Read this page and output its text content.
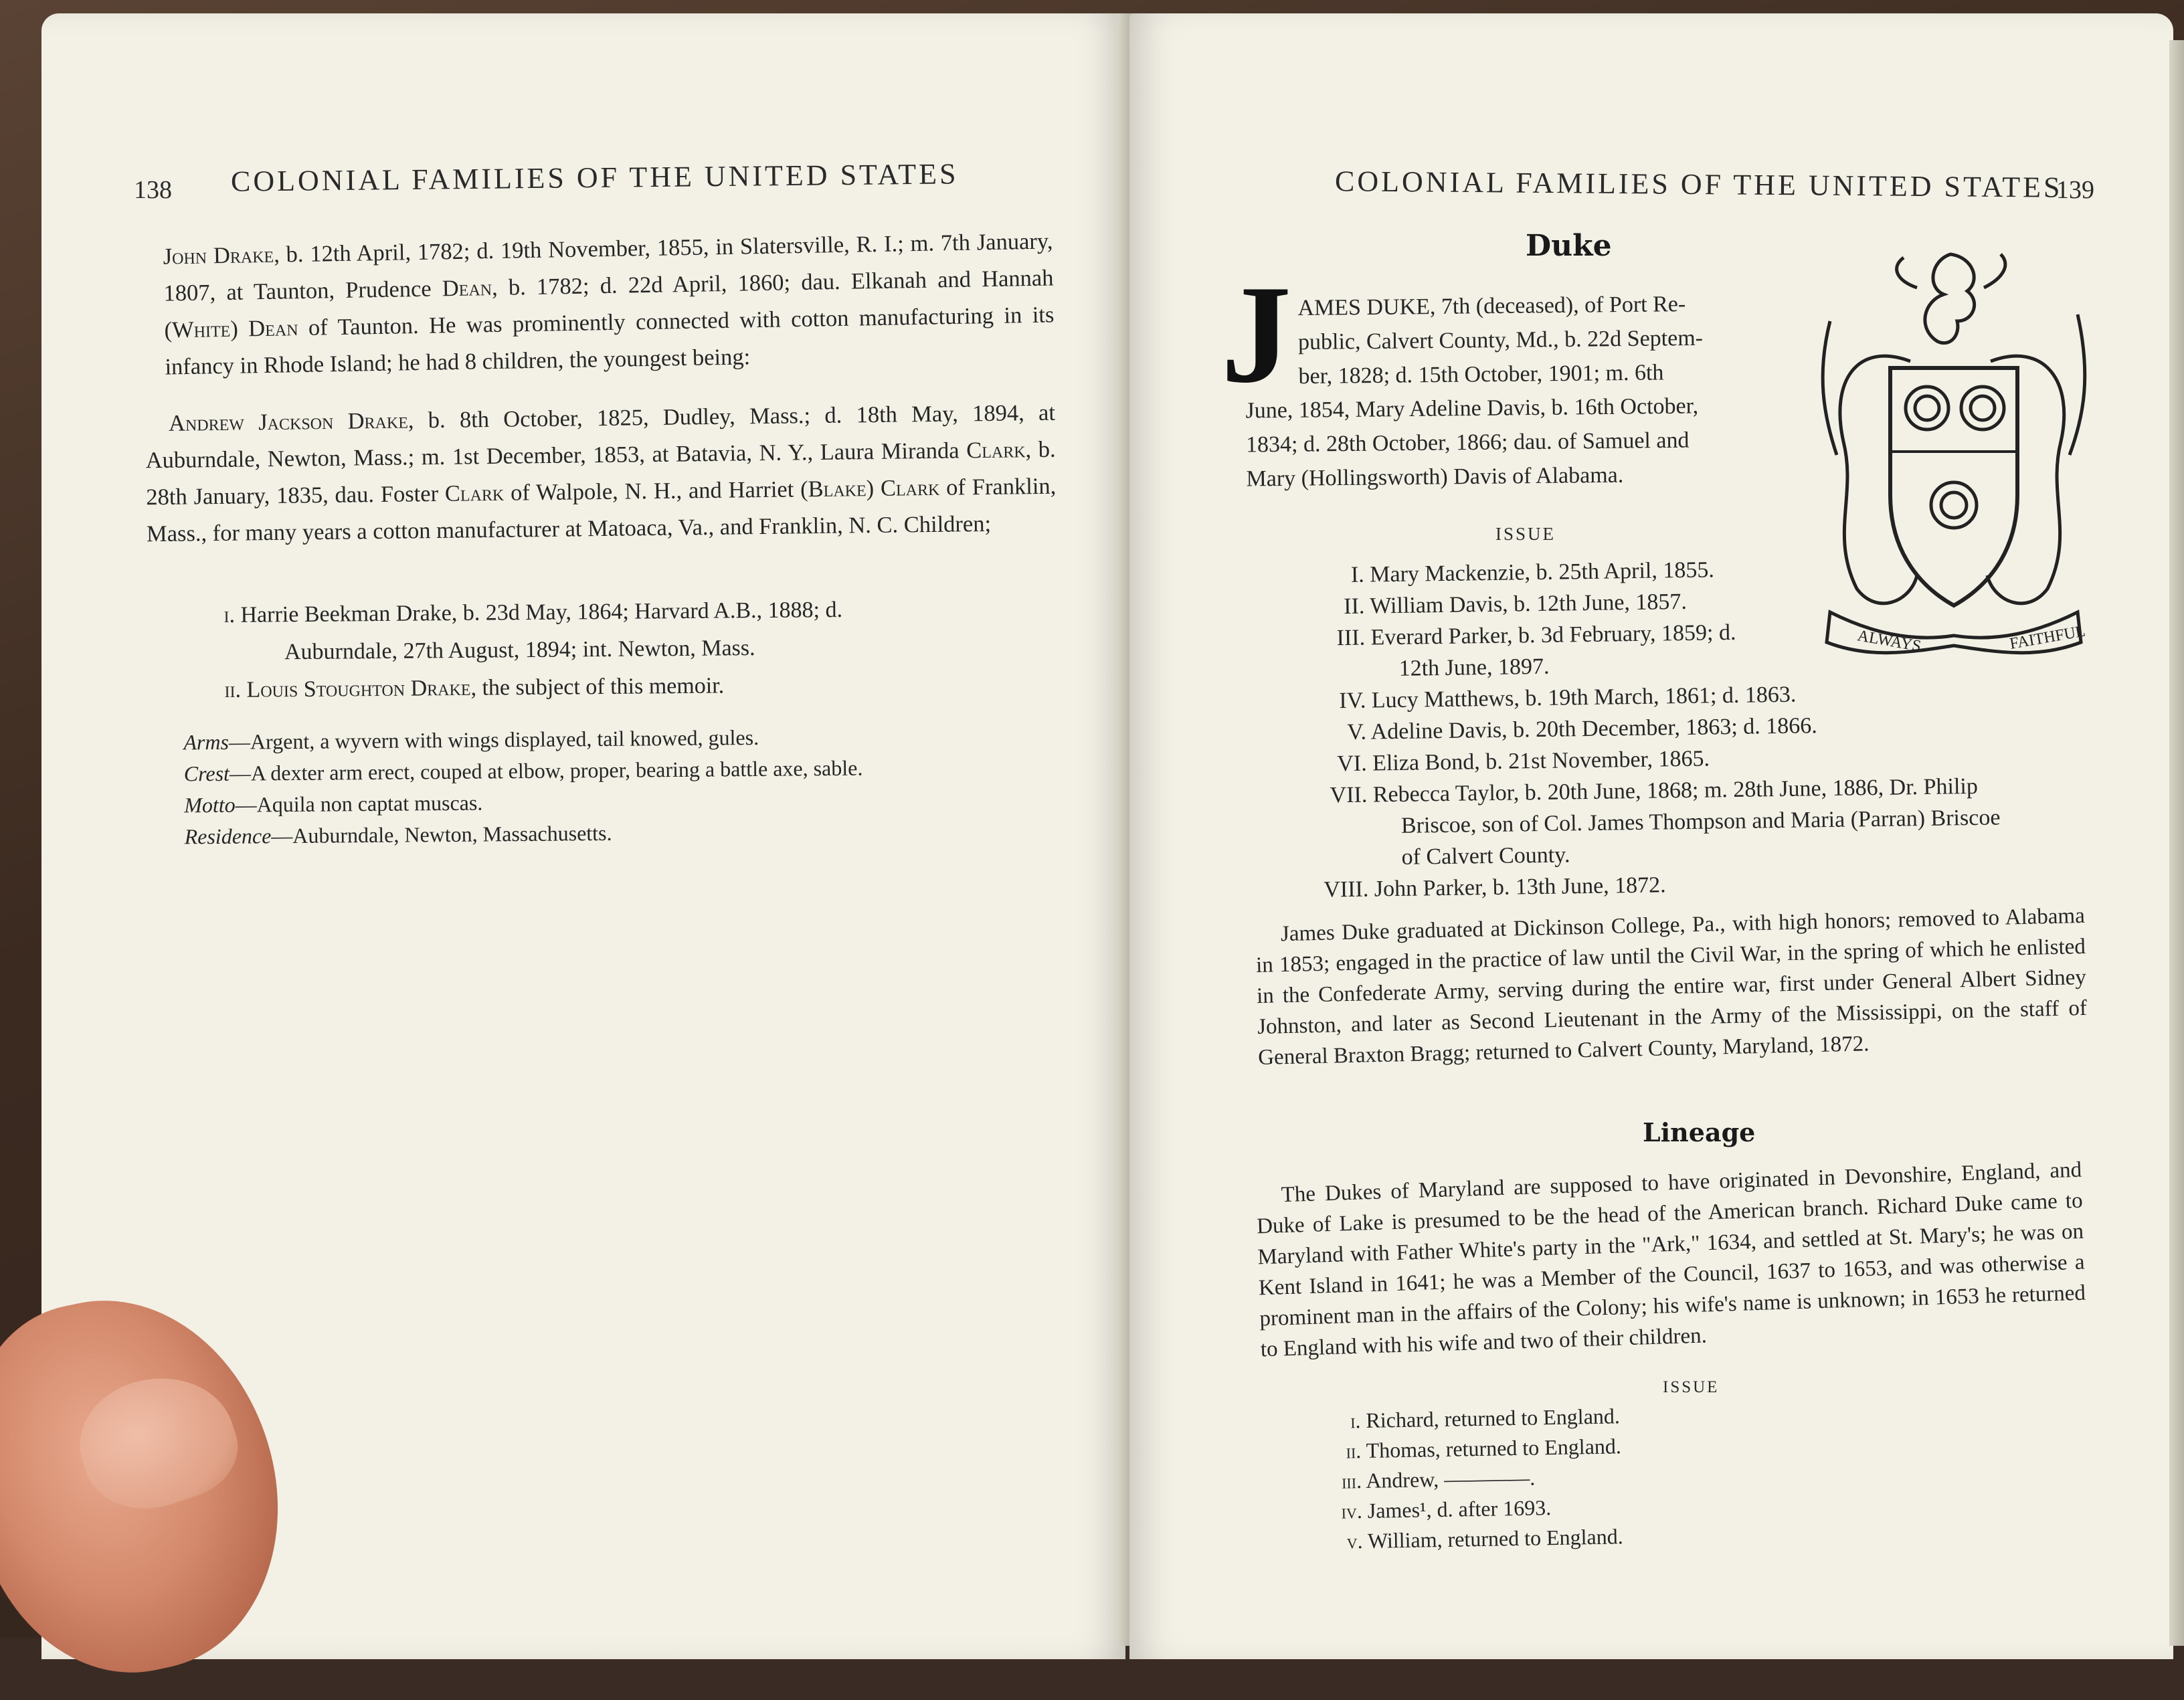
138 COLONIAL FAMILIES OF THE UNITED STATES
John Drake, b. 12th April, 1782; d. 19th November, 1855, in Slatersville, R. I.; m. 7th January, 1807, at Taunton, Prudence Dean, b. 1782; d. 22d April, 1860; dau. Elkanah and Hannah (White) Dean of Taunton. He was prominently connected with cotton manufacturing in its infancy in Rhode Island; he had 8 children, the youngest being:
Andrew Jackson Drake, b. 8th October, 1825, Dudley, Mass.; d. 18th May, 1894, at Auburndale, Newton, Mass.; m. 1st December, 1853, at Batavia, N. Y., Laura Miranda Clark, b. 28th January, 1835, dau. Foster Clark of Walpole, N. H., and Harriet (Blake) Clark of Franklin, Mass., for many years a cotton manufacturer at Matoaca, Va., and Franklin, N. C. Children;
i. Harrie Beekman Drake, b. 23d May, 1864; Harvard A.B., 1888; d.
Auburndale, 27th August, 1894; int. Newton, Mass.
ii. Louis Stoughton Drake, the subject of this memoir.
Arms—Argent, a wyvern with wings displayed, tail knowed, gules.
Crest—A dexter arm erect, couped at elbow, proper, bearing a battle axe, sable.
Motto—Aquila non captat muscas.
Residence—Auburndale, Newton, Massachusetts.
COLONIAL FAMILIES OF THE UNITED STATES
139
Duke
J AMES DUKE, 7th (deceased), of Port Re-
public, Calvert County, Md., b. 22d Septem-
ber, 1828; d. 15th October, 1901; m. 6th
June, 1854, Mary Adeline Davis, b. 16th October,
1834; d. 28th October, 1866; dau. of Samuel and
Mary (Hollingsworth) Davis of Alabama.
ALWAYS	FAITHFUL
ISSUE
I. Mary Mackenzie, b. 25th April, 1855.
II. William Davis, b. 12th June, 1857.
III. Everard Parker, b. 3d February, 1859; d.
12th June, 1897.
IV. Lucy Matthews, b. 19th March, 1861; d. 1863.
V. Adeline Davis, b. 20th December, 1863; d. 1866.
VI. Eliza Bond, b. 21st November, 1865.
VII. Rebecca Taylor, b. 20th June, 1868; m. 28th June, 1886, Dr. Philip
Briscoe, son of Col. James Thompson and Maria (Parran) Briscoe
of Calvert County.
VIII. John Parker, b. 13th June, 1872.
James Duke graduated at Dickinson College, Pa., with high honors; removed to Alabama in 1853; engaged in the practice of law until the Civil War, in the spring of which he enlisted in the Confederate Army, serving during the entire war, first under General Albert Sidney Johnston, and later as Second Lieutenant in the Army of the Mississippi, on the staff of General Braxton Bragg; returned to Calvert County, Maryland, 1872.
Lineage
The Dukes of Maryland are supposed to have originated in Devonshire, England, and Duke of Lake is presumed to be the head of the American branch. Richard Duke came to Maryland with Father White's party in the "Ark," 1634, and settled at St. Mary's; he was on Kent Island in 1641; he was a Member of the Council, 1637 to 1653, and was otherwise a prominent man in the affairs of the Colony; his wife's name is unknown; in 1653 he returned to England with his wife and two of their children.
ISSUE
i. Richard, returned to England.
ii. Thomas, returned to England.
iii. Andrew, ————.
iv. James¹, d. after 1693.
v. William, returned to England.
